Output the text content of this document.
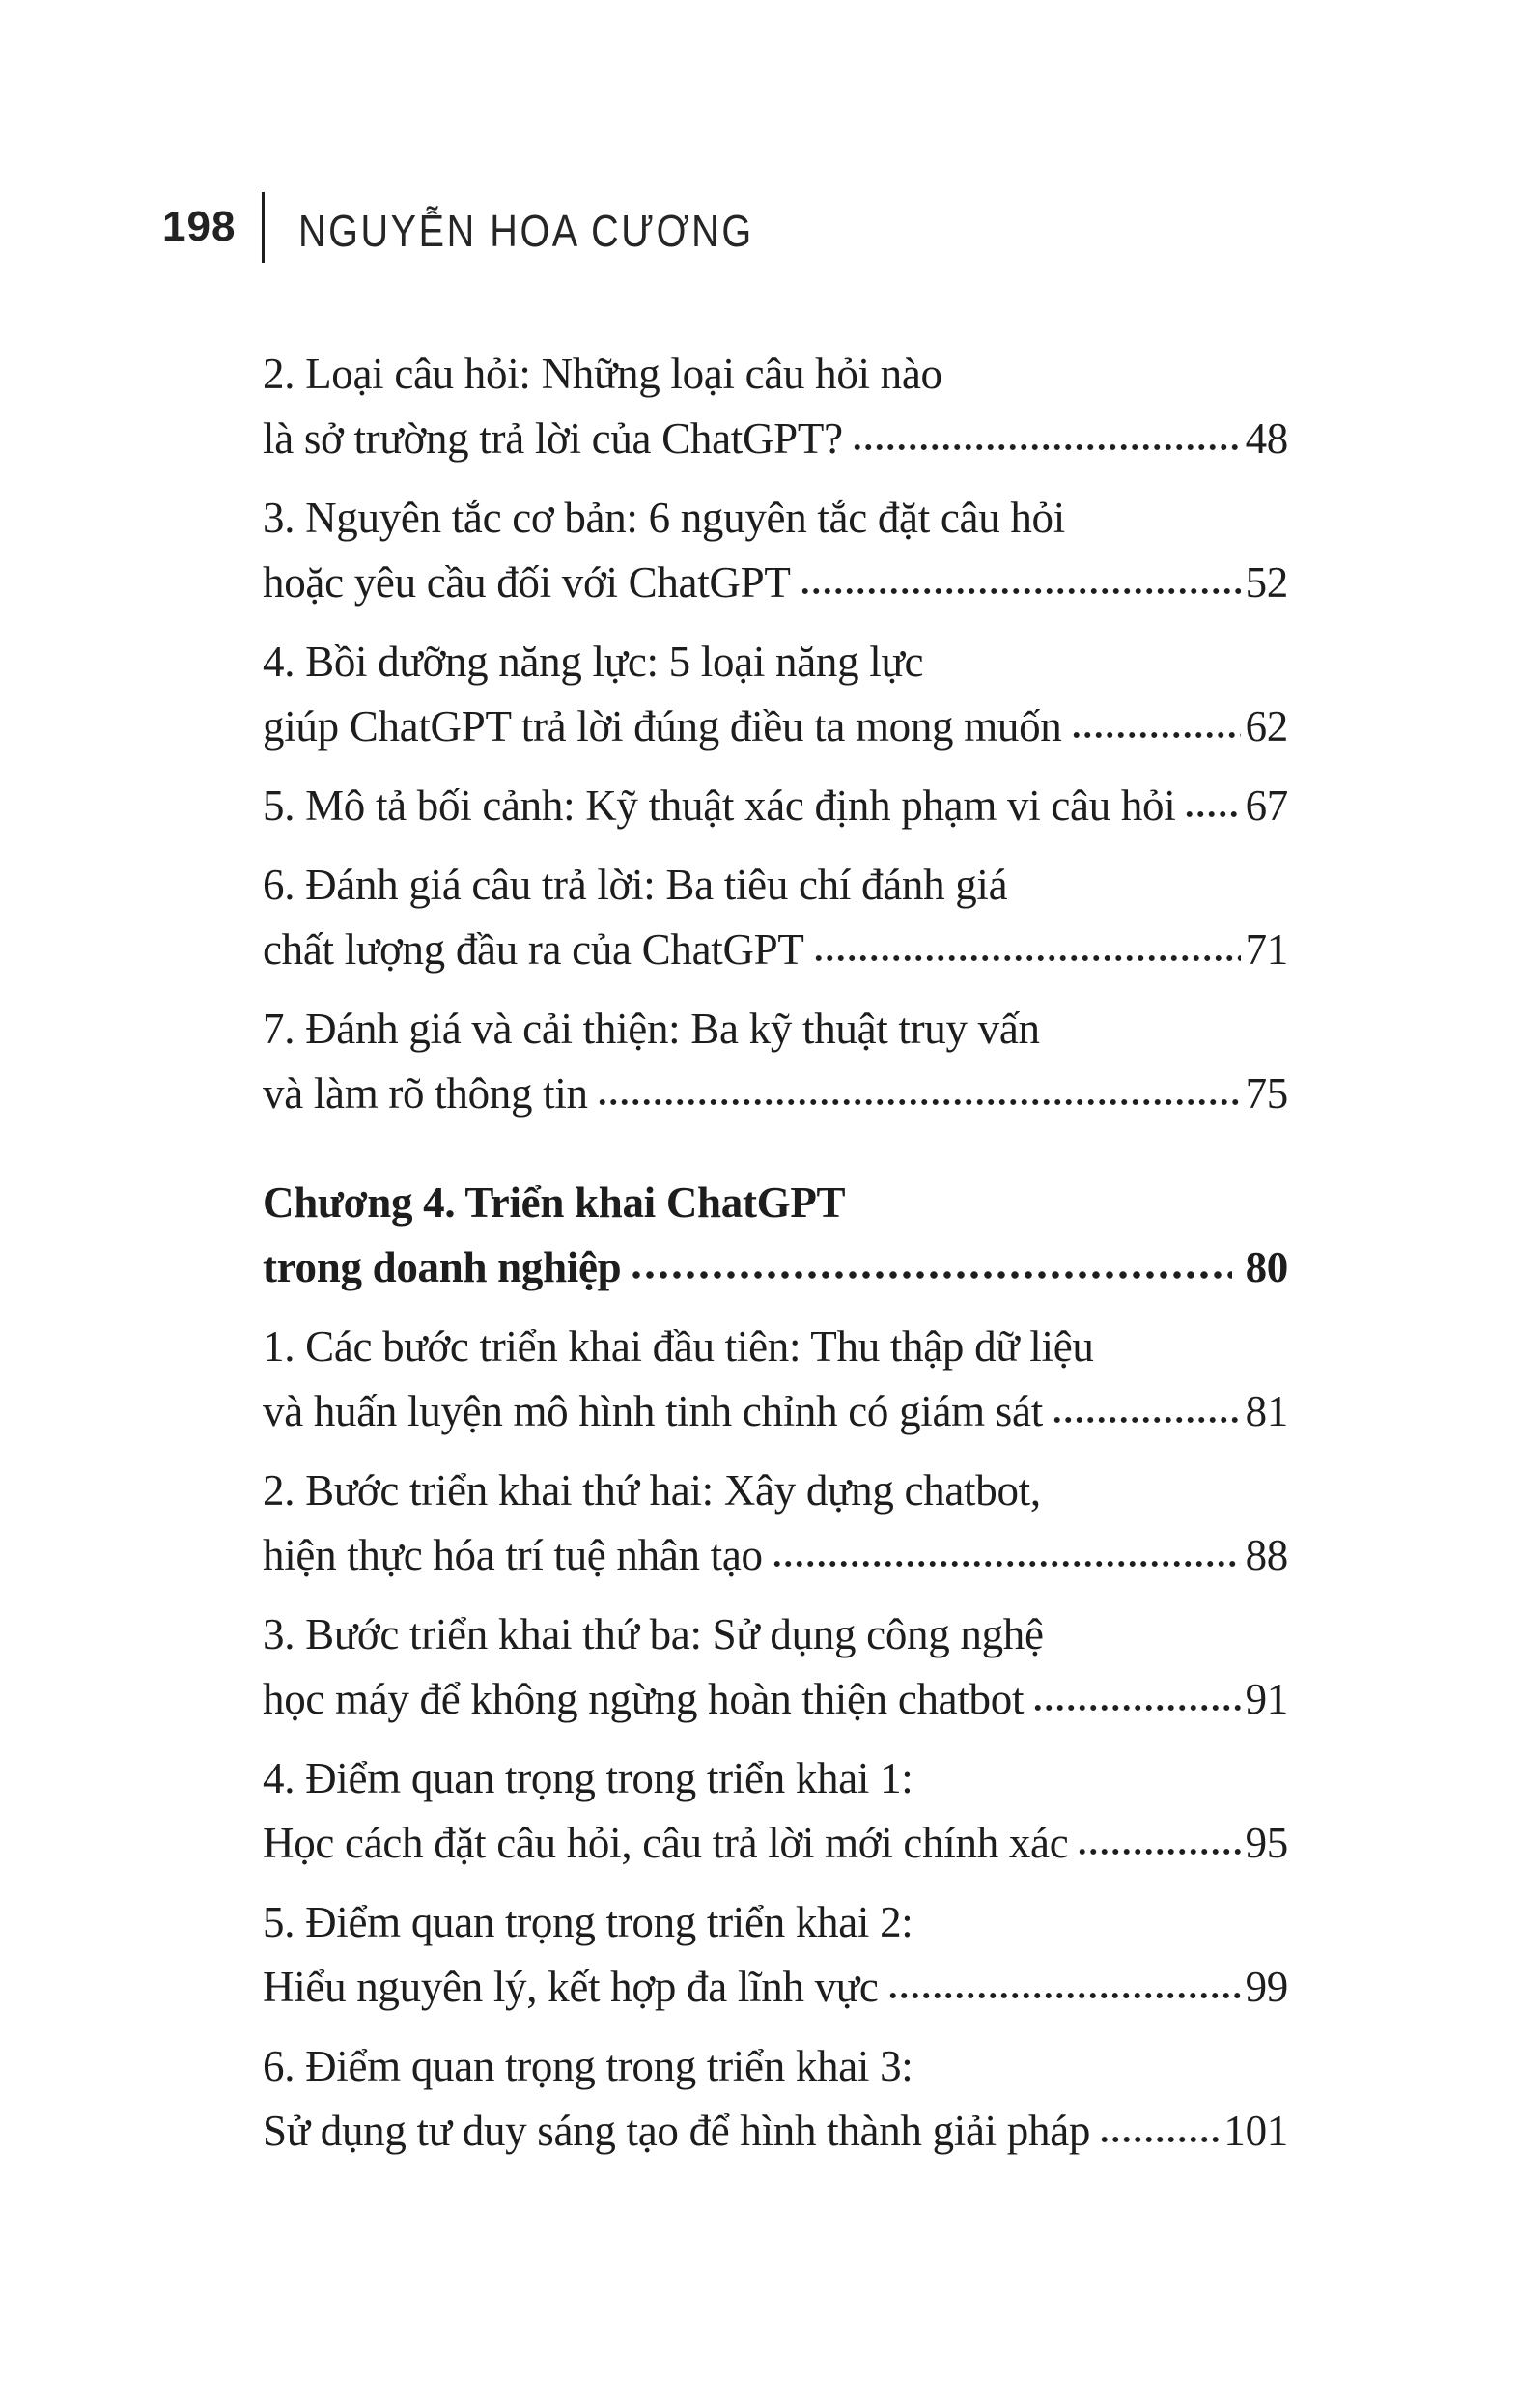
198 NGUYỄN HOA CƯƠNG
2. Loại câu hỏi: Những loại câu hỏi nào
là sở trường trả lời của ChatGPT?	48
3. Nguyên tắc cơ bản: 6 nguyên tắc đặt câu hỏi
hoặc yêu cầu đối với ChatGPT	52
4. Bồi dưỡng năng lực: 5 loại năng lực
giúp ChatGPT trả lời đúng điều ta mong muốn	62
5. Mô tả bối cảnh: Kỹ thuật xác định phạm vi câu hỏi 67
6. Đánh giá câu trả lời: Ba tiêu chí đánh giá
chất lượng đầu ra của ChatGPT	71
7. Đánh giá và cải thiện: Ba kỹ thuật truy vấn
và làm rõ thông tin	75
Chương 4. Triển khai ChatGPT
trong doanh nghiệp	80
1. Các bước triển khai đầu tiên: Thu thập dữ liệu
và huấn luyện mô hình tinh chỉnh có giám sát	81
2. Bước triển khai thứ hai: Xây dựng chatbot,
hiện thực hóa trí tuệ nhân tạo	88
3. Bước triển khai thứ ba: Sử dụng công nghệ
học máy để không ngừng hoàn thiện chatbot	91
4. Điểm quan trọng trong triển khai 1:
Học cách đặt câu hỏi, câu trả lời mới chính xác	95
5. Điểm quan trọng trong triển khai 2:
Hiểu nguyên lý, kết hợp đa lĩnh vực	99
6. Điểm quan trọng trong triển khai 3:
Sử dụng tư duy sáng tạo để hình thành giải pháp	101
